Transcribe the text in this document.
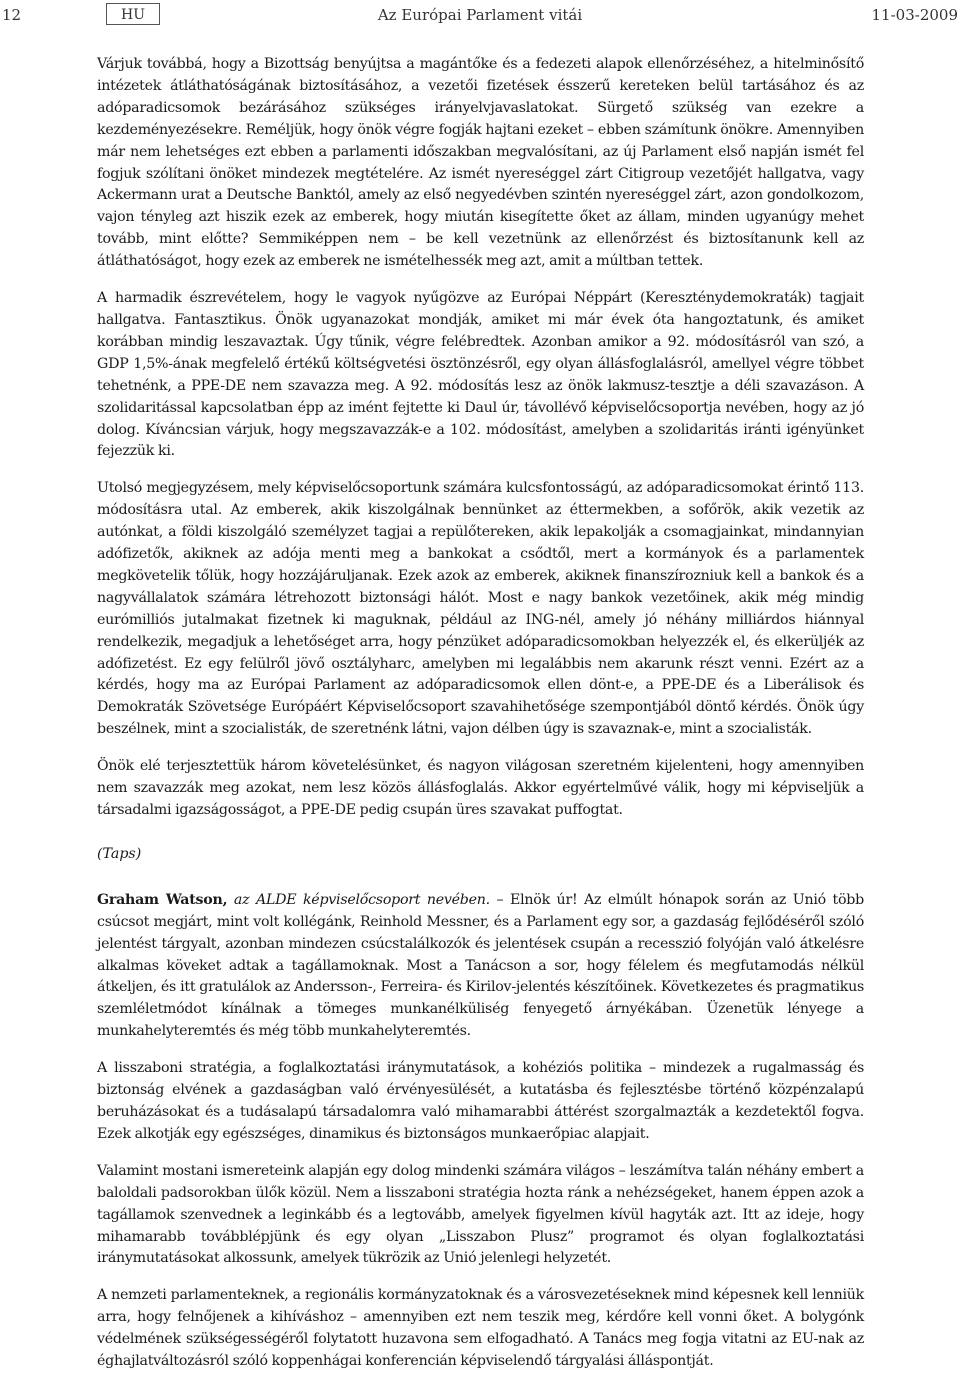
12	HU	Az Európai Parlament vitái	11-03-2009

Várjuk továbbá, hogy a Bizottság benyújtsa a magántőke és a fedezeti alapok ellenőrzéséhez, a hitelminősítő intézetek átláthatóságának biztosításához, a vezetői fizetések ésszerű kereteken belül tartásához és az adóparadicsomok bezárásához szükséges irányelvjavaslatokat. Sürgető szükség van ezekre a kezdeményezésekre. Reméljük, hogy önök végre fogják hajtani ezeket – ebben számítunk önökre. Amennyiben már nem lehetséges ezt ebben a parlamenti időszakban megvalósítani, az új Parlament első napján ismét fel fogjuk szólítani önöket mindezek megtételére. Az ismét nyereséggel zárt Citigroup vezetőjét hallgatva, vagy Ackermann urat a Deutsche Banktól, amely az első negyedévben szintén nyereséggel zárt, azon gondolkozom, vajon tényleg azt hiszik ezek az emberek, hogy miután kisegítette őket az állam, minden ugyanúgy mehet tovább, mint előtte? Semmiképpen nem – be kell vezetnünk az ellenőrzést és biztosítanunk kell az átláthatóságot, hogy ezek az emberek ne ismételhessék meg azt, amit a múltban tettek.

A harmadik észrevételem, hogy le vagyok nyűgözve az Európai Néppárt (Kereszténydemokraták) tagjait hallgatva. Fantasztikus. Önök ugyanazokat mondják, amiket mi már évek óta hangoztatunk, és amiket korábban mindig leszavaztak. Úgy tűnik, végre felébredtek. Azonban amikor a 92. módosításról van szó, a GDP 1,5%-ának megfelelő értékű költségvetési ösztönzésről, egy olyan állásfoglalásról, amellyel végre többet tehetnénk, a PPE-DE nem szavazza meg. A 92. módosítás lesz az önök lakmusz-tesztje a déli szavazáson. A szolidaritással kapcsolatban épp az imént fejtette ki Daul úr, távollévő képviselőcsoportja nevében, hogy az jó dolog. Kíváncsian várjuk, hogy megszavazzák-e a 102. módosítást, amelyben a szolidaritás iránti igényünket fejezzük ki.

Utolsó megjegyzésem, mely képviselőcsoportunk számára kulcsfontosságú, az adóparadicsomokat érintő 113. módosításra utal. Az emberek, akik kiszolgálnak bennünket az éttermekben, a sofőrök, akik vezetik az autónkat, a földi kiszolgáló személyzet tagjai a repülőtereken, akik lepakolják a csomagjainkat, mindannyian adófizetők, akiknek az adója menti meg a bankokat a csődtől, mert a kormányok és a parlamentek megkövetelik tőlük, hogy hozzájáruljanak. Ezek azok az emberek, akiknek finanszírozniuk kell a bankok és a nagyvállalatok számára létrehozott biztonsági hálót. Most e nagy bankok vezetőinek, akik még mindig eurómilliós jutalmakat fizetnek ki maguknak, például az ING-nél, amely jó néhány milliárdos hiánnyal rendelkezik, megadjuk a lehetőséget arra, hogy pénzüket adóparadicsomokban helyezzék el, és elkerüljék az adófizetést. Ez egy felülről jövő osztályharc, amelyben mi legalábbis nem akarunk részt venni. Ezért az a kérdés, hogy ma az Európai Parlament az adóparadicsomok ellen dönt-e, a PPE-DE és a Liberálisok és Demokraták Szövetsége Európáért Képviselőcsoport szavahihetősége szempontjából döntő kérdés. Önök úgy beszélnek, mint a szocialisták, de szeretnénk látni, vajon délben úgy is szavaznak-e, mint a szocialisták.

Önök elé terjesztettük három követelésünket, és nagyon világosan szeretném kijelenteni, hogy amennyiben nem szavazzák meg azokat, nem lesz közös állásfoglalás. Akkor egyértelművé válik, hogy mi képviseljük a társadalmi igazságosságot, a PPE-DE pedig csupán üres szavakat puffogtat.

(Taps)

Graham Watson, az ALDE képviselőcsoport nevében. – Elnök úr! Az elmúlt hónapok során az Unió több csúcsot megjárt, mint volt kollégánk, Reinhold Messner, és a Parlament egy sor, a gazdaság fejlődéséről szóló jelentést tárgyalt, azonban mindezen csúcstalálkozók és jelentések csupán a recesszió folyóján való átkelésre alkalmas köveket adtak a tagállamoknak. Most a Tanácson a sor, hogy félelem és megfutamodás nélkül átkeljen, és itt gratulálok az Andersson-, Ferreira- és Kirilov-jelentés készítőinek. Következetes és pragmatikus szemléletmódot kínálnak a tömeges munkanélküliség fenyegető árnyékában. Üzenetük lényege a munkahelyteremtés és még több munkahelyteremtés.

A lisszaboni stratégia, a foglalkoztatási iránymutatások, a kohéziós politika – mindezek a rugalmasság és biztonság elvének a gazdaságban való érvényesülését, a kutatásba és fejlesztésbe történő közpénzalapú beruházásokat és a tudásalapú társadalomra való mihamarabbi áttérést szorgalmazták a kezdetektől fogva. Ezek alkotják egy egészséges, dinamikus és biztonságos munkaerőpiac alapjait.

Valamint mostani ismereteink alapján egy dolog mindenki számára világos – leszámítva talán néhány embert a baloldali padsorokban ülők közül. Nem a lisszaboni stratégia hozta ránk a nehézségeket, hanem éppen azok a tagállamok szenvednek a leginkább és a legtovább, amelyek figyelmen kívül hagyták azt. Itt az ideje, hogy mihamarabb továbblépjünk és egy olyan „Lisszabon Plusz” programot és olyan foglalkoztatási iránymutatásokat alkossunk, amelyek tükrözik az Unió jelenlegi helyzetét.

A nemzeti parlamenteknek, a regionális kormányzatoknak és a városvezetéseknek mind képesnek kell lenniük arra, hogy felnőjenek a kihíváshoz – amennyiben ezt nem teszik meg, kérdőre kell vonni őket. A bolygónk védelmének szükségességéről folytatott huzavona sem elfogadható. A Tanács meg fogja vitatni az EU-nak az éghajlatváltozásról szóló koppenhágai konferencián képviselendő tárgyalási álláspontját.
